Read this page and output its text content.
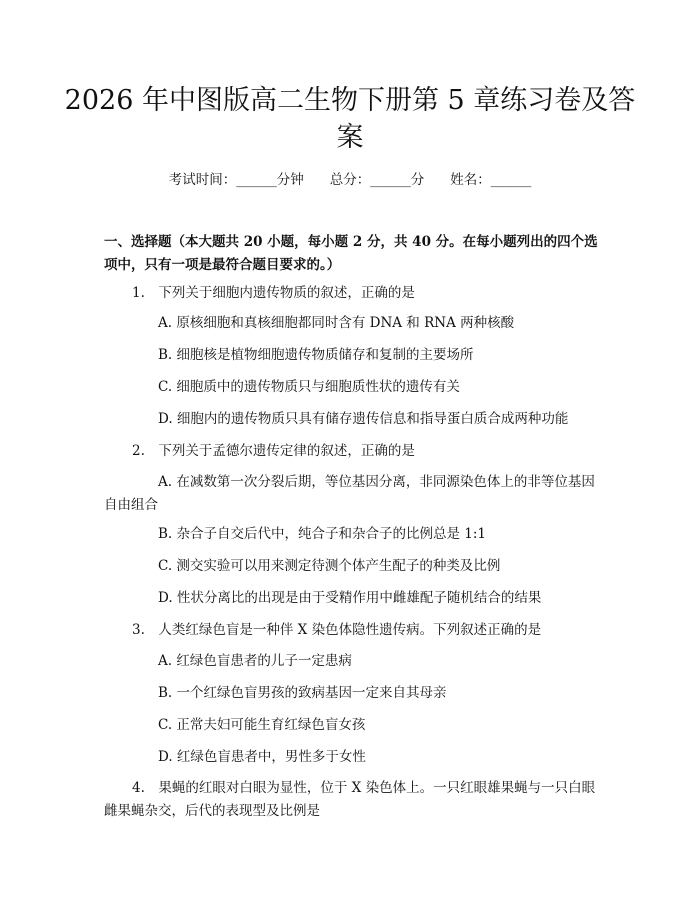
2026 年中图版高二生物下册第 5 章练习卷及答案
考试时间：______分钟 总分：______分 姓名：______

一、选择题（本大题共 20 小题，每小题 2 分，共 40 分。在每小题列出的四个选项中，只有一项是最符合题目要求的。）

1.　下列关于细胞内遗传物质的叙述，正确的是

A. 原核细胞和真核细胞都同时含有 DNA 和 RNA 两种核酸

B. 细胞核是植物细胞遗传物质储存和复制的主要场所

C. 细胞质中的遗传物质只与细胞质性状的遗传有关

D. 细胞内的遗传物质只具有储存遗传信息和指导蛋白质合成两种功能

2.　下列关于孟德尔遗传定律的叙述，正确的是

A. 在减数第一次分裂后期，等位基因分离，非同源染色体上的非等位基因自由组合

B. 杂合子自交后代中，纯合子和杂合子的比例总是 1:1

C. 测交实验可以用来测定待测个体产生配子的种类及比例

D. 性状分离比的出现是由于受精作用中雌雄配子随机结合的结果

3.　人类红绿色盲是一种伴 X 染色体隐性遗传病。下列叙述正确的是

A. 红绿色盲患者的儿子一定患病

B. 一个红绿色盲男孩的致病基因一定来自其母亲

C. 正常夫妇可能生育红绿色盲女孩

D. 红绿色盲患者中，男性多于女性

4.　果蝇的红眼对白眼为显性，位于 X 染色体上。一只红眼雄果蝇与一只白眼雌果蝇杂交，后代的表现型及比例是
